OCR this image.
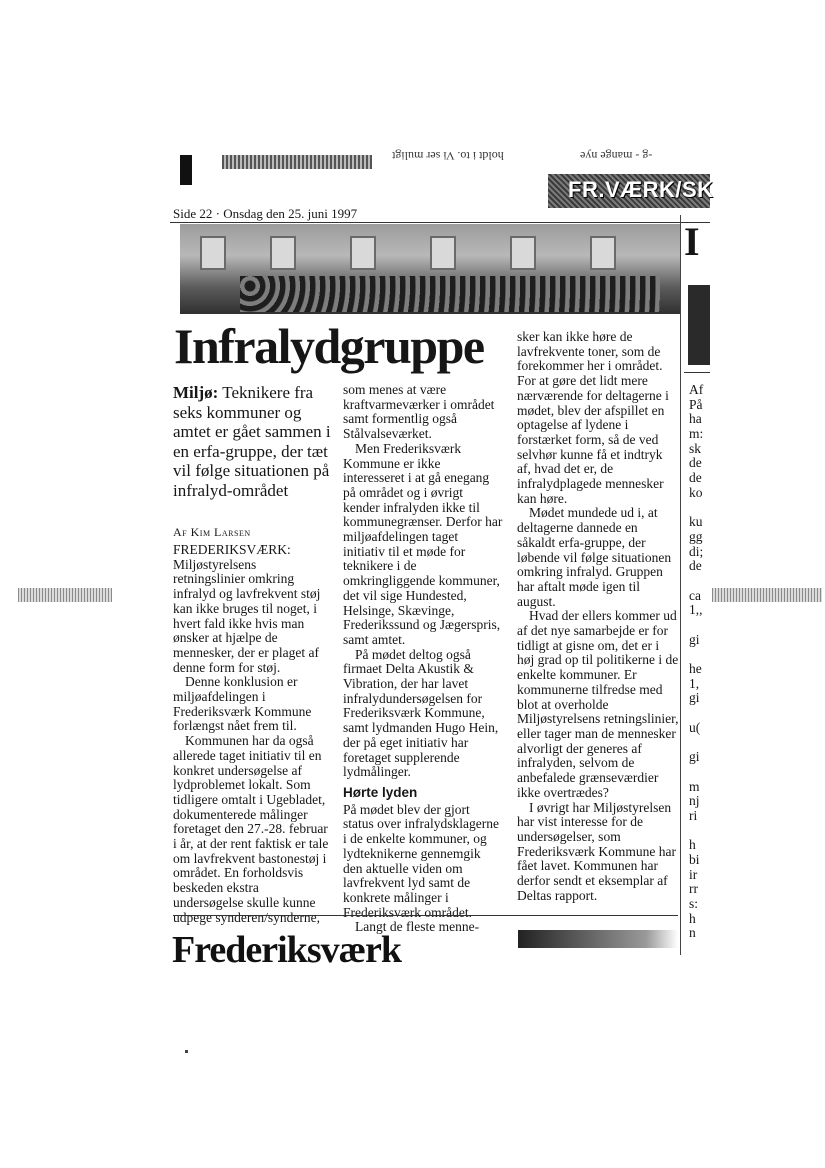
holdt i to. Vi ser muligt	-g - mange nye
FR.VÆRK/SK
Side 22 · Onsdag den 25. juni 1997
Infralydgruppe
Miljø: Teknikere fra seks kommuner og amtet er gået sammen i en erfa-gruppe, der tæt vil følge situationen på infralyd-området
Af Kim Larsen

FREDERIKSVÆRK: Miljøstyrelsens retningslinier omkring infralyd og lavfrekvent støj kan ikke bruges til noget, i hvert fald ikke hvis man ønsker at hjælpe de mennesker, der er plaget af denne form for støj.

Denne konklusion er miljøafdelingen i Frederiksværk Kommune forlængst nået frem til.

Kommunen har da også allerede taget initiativ til en konkret undersøgelse af lydproblemet lokalt. Som tidligere omtalt i Ugebladet, dokumenterede målinger foretaget den 27.-28. februar i år, at der rent faktisk er tale om lavfrekvent bastonestøj i området. En forholdsvis beskeden ekstra undersøgelse skulle kunne udpege synderen/synderne,

som menes at være kraftvarmeværker i området samt formentlig også Stålvalseværket.

Men Frederiksværk Kommune er ikke interesseret i at gå enegang på området og i øvrigt kender infralyden ikke til kommunegrænser. Derfor har miljøafdelingen taget initiativ til et møde for teknikere i de omkringliggende kommuner, det vil sige Hundested, Helsinge, Skævinge, Frederikssund og Jægerspris, samt amtet.

På mødet deltog også firmaet Delta Akustik & Vibration, der har lavet infralydundersøgelsen for Frederiksværk Kommune, samt lydmanden Hugo Hein, der på eget initiativ har foretaget supplerende lydmålinger.

Hørte lyden

På mødet blev der gjort status over infralydsklagerne i de enkelte kommuner, og lydteknikerne gennemgik den aktuelle viden om lavfrekvent lyd samt de konkrete målinger i Frederiksværk området.

Langt de fleste menne-

sker kan ikke høre de lavfrekvente toner, som de forekommer her i området. For at gøre det lidt mere nærværende for deltagerne i mødet, blev der afspillet en optagelse af lydene i forstærket form, så de ved selvhør kunne få et indtryk af, hvad det er, de infralydplagede mennesker kan høre.

Mødet mundede ud i, at deltagerne dannede en såkaldt erfa-gruppe, der løbende vil følge situationen omkring infralyd. Gruppen har aftalt møde igen til august.

Hvad der ellers kommer ud af det nye samarbejde er for tidligt at gisne om, det er i høj grad op til politikerne i de enkelte kommuner. Er kommunerne tilfredse med blot at overholde Miljøstyrelsens retningslinier, eller tager man de mennesker alvorligt der generes af infralyden, selvom de anbefalede grænseværdier ikke overtrædes?

I øvrigt har Miljøstyrelsen har vist interesse for de undersøgelser, som Frederiksværk Kommune har fået lavet. Kommunen har derfor sendt et eksemplar af Deltas rapport.

I
Af
På
ha
m:
sk
de
de
ko
ku
gg
di;
de
ca
1,,
gi
he
1,
gi
u(
gi
m
nj
ri
h
bi
ir
rr
s:
h
n
Frederiksværk
